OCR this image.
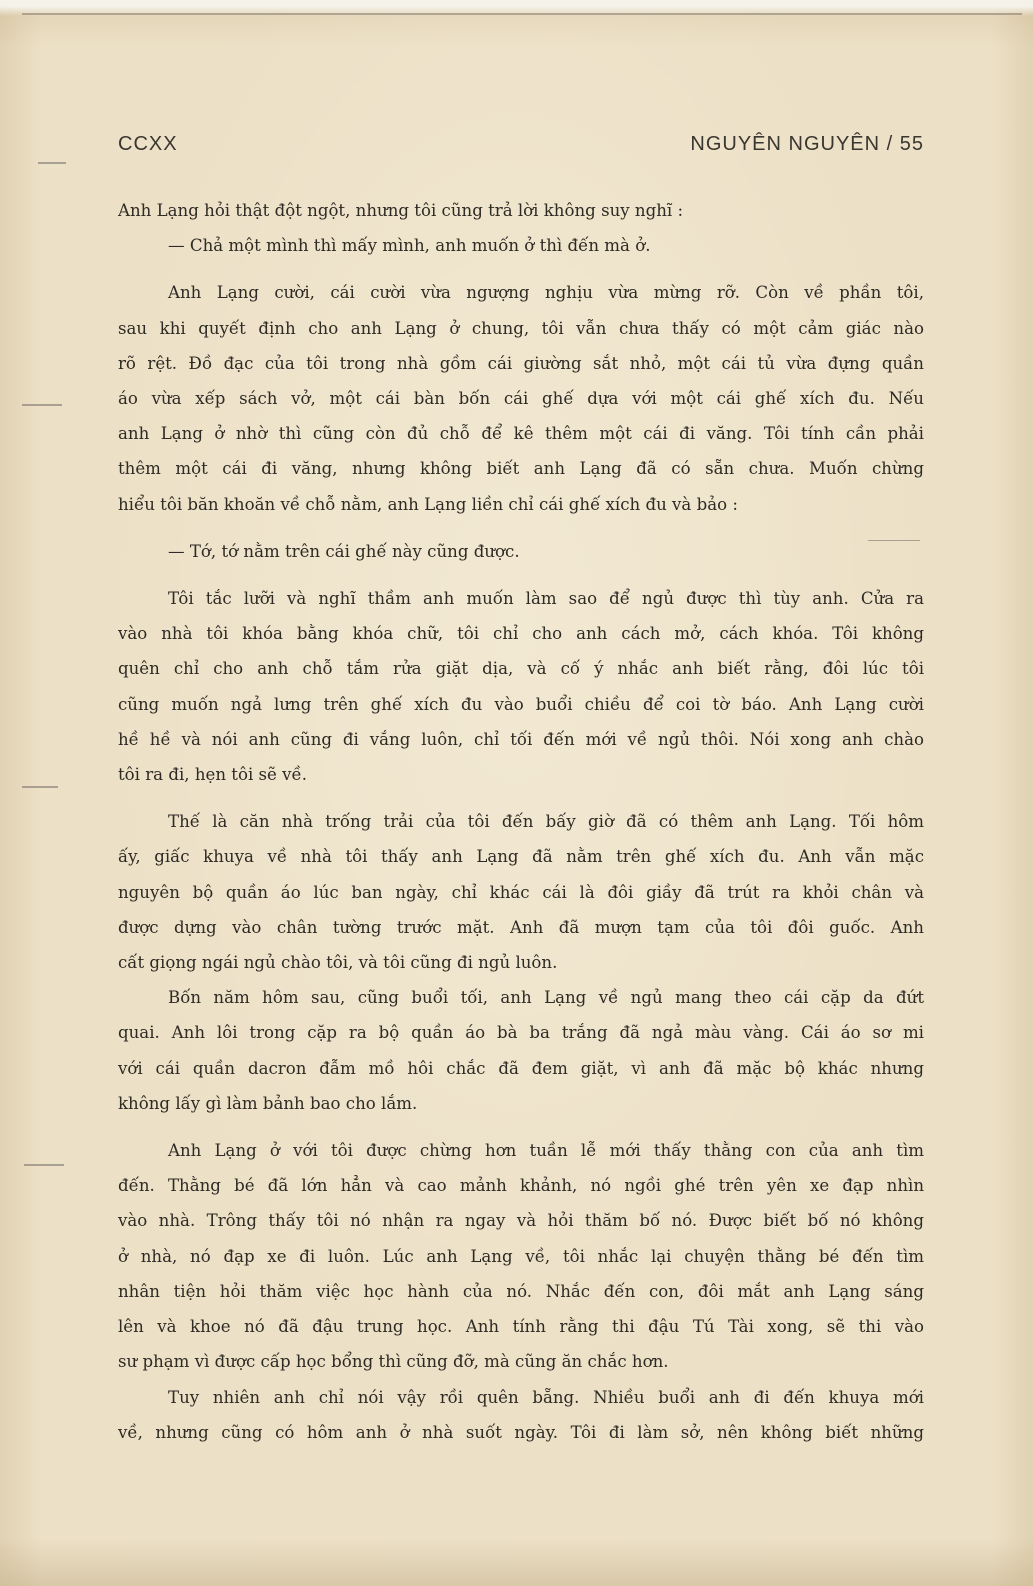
CCXX	NGUYÊN NGUYÊN / 55

Anh Lạng hỏi thật đột ngột, nhưng tôi cũng trả lời không suy nghĩ :

— Chả một mình thì mấy mình, anh muốn ở thì đến mà ở.

Anh Lạng cười, cái cười vừa ngượng nghịu vừa mừng rỡ. Còn về phần tôi,

sau khi quyết định cho anh Lạng ở chung, tôi vẫn chưa thấy có một cảm giác nào

rõ rệt. Đồ đạc của tôi trong nhà gồm cái giường sắt nhỏ, một cái tủ vừa đựng quần

áo vừa xếp sách vở, một cái bàn bốn cái ghế dựa với một cái ghế xích đu. Nếu

anh Lạng ở nhờ thì cũng còn đủ chỗ để kê thêm một cái đi văng. Tôi tính cần phải

thêm một cái đi văng, nhưng không biết anh Lạng đã có sẵn chưa. Muốn chừng

hiểu tôi băn khoăn về chỗ nằm, anh Lạng liền chỉ cái ghế xích đu và bảo :

— Tớ, tớ nằm trên cái ghế này cũng được.

Tôi tắc lưỡi và nghĩ thầm anh muốn làm sao để ngủ được thì tùy anh. Cửa ra

vào nhà tôi khóa bằng khóa chữ, tôi chỉ cho anh cách mở, cách khóa. Tôi không

quên chỉ cho anh chỗ tắm rửa giặt dịa, và cố ý nhắc anh biết rằng, đôi lúc tôi

cũng muốn ngả lưng trên ghế xích đu vào buổi chiều để coi tờ báo. Anh Lạng cười

hề hề và nói anh cũng đi vắng luôn, chỉ tối đến mới về ngủ thôi. Nói xong anh chào

tôi ra đi, hẹn tôi sẽ về.

Thế là căn nhà trống trải của tôi đến bấy giờ đã có thêm anh Lạng. Tối hôm

ấy, giấc khuya về nhà tôi thấy anh Lạng đã nằm trên ghế xích đu. Anh vẫn mặc

nguyên bộ quần áo lúc ban ngày, chỉ khác cái là đôi giầy đã trút ra khỏi chân và

được dựng vào chân tường trước mặt. Anh đã mượn tạm của tôi đôi guốc. Anh

cất giọng ngái ngủ chào tôi, và tôi cũng đi ngủ luôn.

Bốn năm hôm sau, cũng buổi tối, anh Lạng về ngủ mang theo cái cặp da đứt

quai. Anh lôi trong cặp ra bộ quần áo bà ba trắng đã ngả màu vàng. Cái áo sơ mi

với cái quần dacron đẫm mồ hôi chắc đã đem giặt, vì anh đã mặc bộ khác nhưng

không lấy gì làm bảnh bao cho lắm.

Anh Lạng ở với tôi được chừng hơn tuần lễ mới thấy thằng con của anh tìm

đến. Thằng bé đã lớn hẳn và cao mảnh khảnh, nó ngồi ghé trên yên xe đạp nhìn

vào nhà. Trông thấy tôi nó nhận ra ngay và hỏi thăm bố nó. Được biết bố nó không

ở nhà, nó đạp xe đi luôn. Lúc anh Lạng về, tôi nhắc lại chuyện thằng bé đến tìm

nhân tiện hỏi thăm việc học hành của nó. Nhắc đến con, đôi mắt anh Lạng sáng

lên và khoe nó đã đậu trung học. Anh tính rằng thi đậu Tú Tài xong, sẽ thi vào

sư phạm vì được cấp học bổng thì cũng đỡ, mà cũng ăn chắc hơn.

Tuy nhiên anh chỉ nói vậy rồi quên bẵng. Nhiều buổi anh đi đến khuya mới

về, nhưng cũng có hôm anh ở nhà suốt ngày. Tôi đi làm sở, nên không biết những
